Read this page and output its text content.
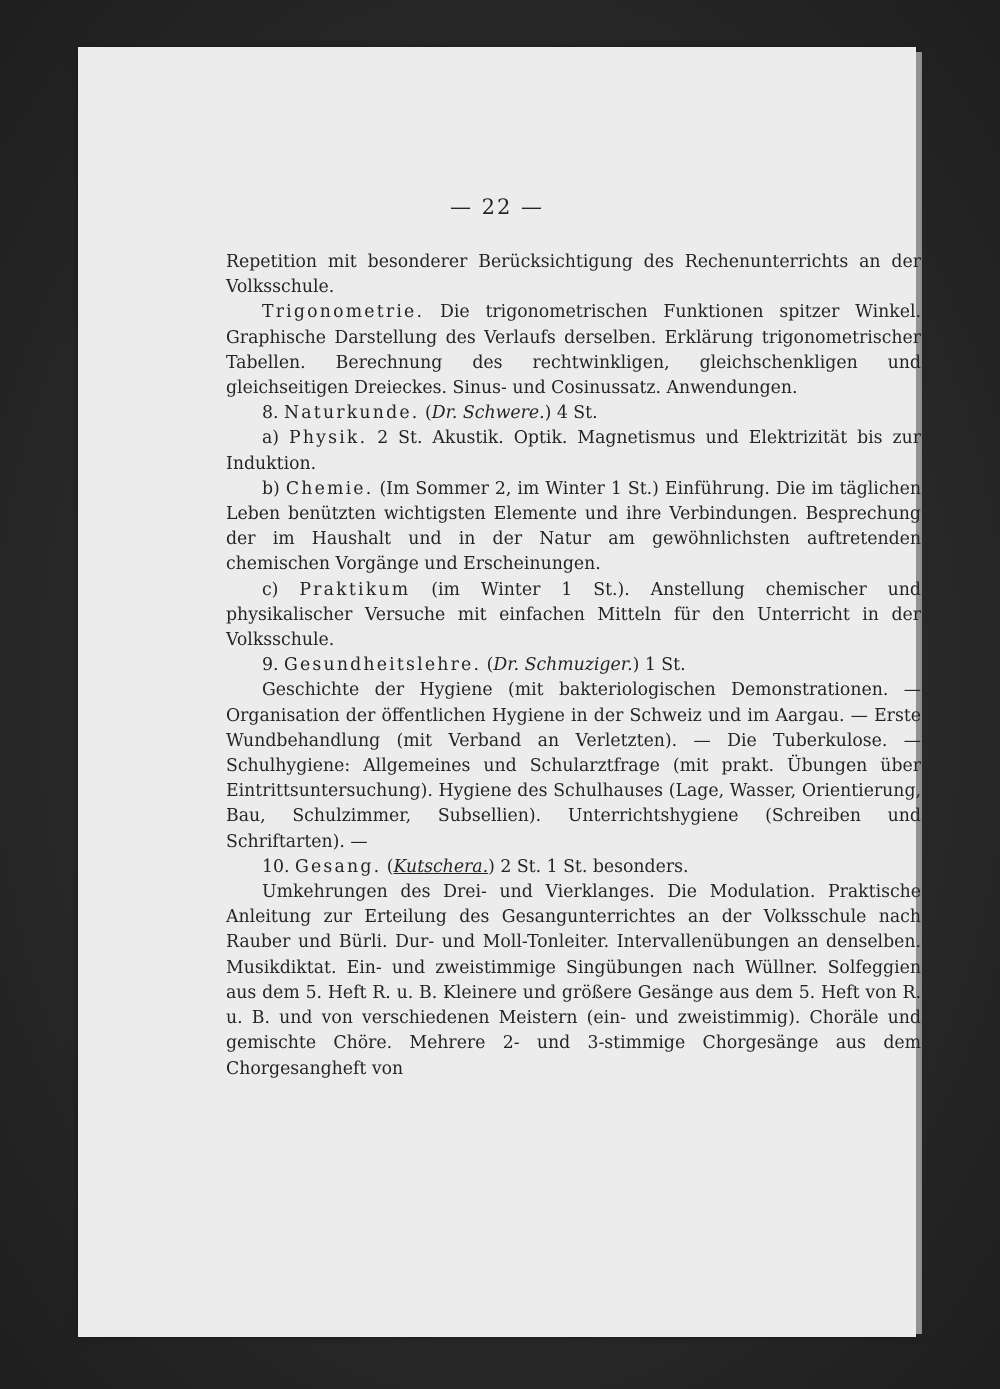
— 22 —

Repetition mit besonderer Berücksichtigung des Rechenunterrichts an der Volksschule.

Trigonometrie. Die trigonometrischen Funktionen spitzer Winkel. Graphische Darstellung des Verlaufs derselben. Erklärung trigonometrischer Tabellen. Berechnung des rechtwinkligen, gleichschenkligen und gleichseitigen Dreieckes. Sinus- und Cosinussatz. Anwendungen.

8. Naturkunde. (Dr. Schwere.) 4 St.

a) Physik. 2 St. Akustik. Optik. Magnetismus und Elektrizität bis zur Induktion.

b) Chemie. (Im Sommer 2, im Winter 1 St.) Einführung. Die im täglichen Leben benützten wichtigsten Elemente und ihre Verbindungen. Besprechung der im Haushalt und in der Natur am gewöhnlichsten auftretenden chemischen Vorgänge und Erscheinungen.

c) Praktikum (im Winter 1 St.). Anstellung chemischer und physikalischer Versuche mit einfachen Mitteln für den Unterricht in der Volksschule.

9. Gesundheitslehre. (Dr. Schmuziger.) 1 St.

Geschichte der Hygiene (mit bakteriologischen Demonstrationen. — Organisation der öffentlichen Hygiene in der Schweiz und im Aargau. — Erste Wundbehandlung (mit Verband an Verletzten). — Die Tuberkulose. — Schulhygiene: Allgemeines und Schularztfrage (mit prakt. Übungen über Eintrittsuntersuchung). Hygiene des Schulhauses (Lage, Wasser, Orientierung, Bau, Schulzimmer, Subsellien). Unterrichtshygiene (Schreiben und Schriftarten). —

10. Gesang. (Kutschera.) 2 St. 1 St. besonders.

Umkehrungen des Drei- und Vierklanges. Die Modulation. Praktische Anleitung zur Erteilung des Gesangunterrichtes an der Volksschule nach Rauber und Bürli. Dur- und Moll-Tonleiter. Intervallenübungen an denselben. Musikdiktat. Ein- und zweistimmige Singübungen nach Wüllner. Solfeggien aus dem 5. Heft R. u. B. Kleinere und größere Gesänge aus dem 5. Heft von R. u. B. und von verschiedenen Meistern (ein- und zweistimmig). Choräle und gemischte Chöre. Mehrere 2- und 3-stimmige Chorgesänge aus dem Chorgesangheft von
